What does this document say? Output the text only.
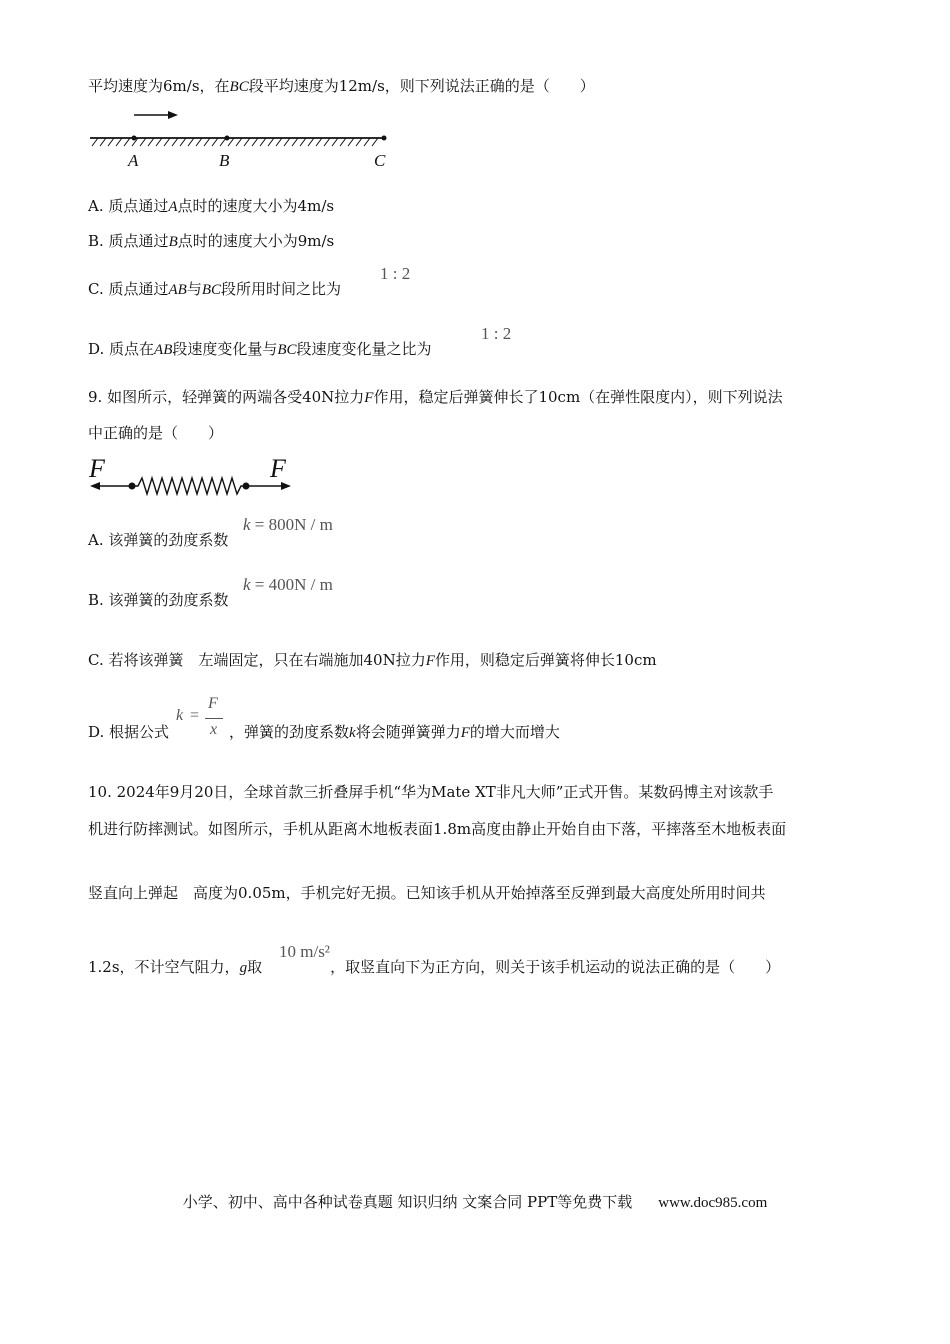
平均速度为6m/s，在BC段平均速度为12m/s，则下列说法正确的是（　　）
A	B	C
A. 质点通过A点时的速度大小为4m/s
B. 质点通过B点时的速度大小为9m/s
C. 质点通过AB与BC段所用时间之比为
1 : 2
D. 质点在AB段速度变化量与BC段速度变化量之比为
1 : 2
9. 如图所示，轻弹簧的两端各受40N拉力F作用，稳定后弹簧伸长了10cm（在弹性限度内），则下列说法
中正确的是（　　）
F	F
A. 该弹簧的劲度系数
k = 800N / m
B. 该弹簧的劲度系数
k = 400N / m
C. 若将该弹簧　左端固定，只在右端施加40N拉力F作用，则稳定后弹簧将伸长10cm
D. 根据公式	，弹簧的劲度系数k将会随弹簧弹力F的增大而增大
k =
F
x
10. 2024年9月20日，全球首款三折叠屏手机“华为Mate XT非凡大师”正式开售。某数码博主对该款手
机进行防摔测试。如图所示，手机从距离木地板表面1.8m高度由静止开始自由下落，平摔落至木地板表面
竖直向上弹起　高度为0.05m，手机完好无损。已知该手机从开始掉落至反弹到最大高度处所用时间共
1.2s，不计空气阻力，g取	，取竖直向下为正方向，则关于该手机运动的说法正确的是（　　）
10 m/s²
小学、初中、高中各种试卷真题 知识归纳 文案合同 PPT等免费下载 www.doc985.com
